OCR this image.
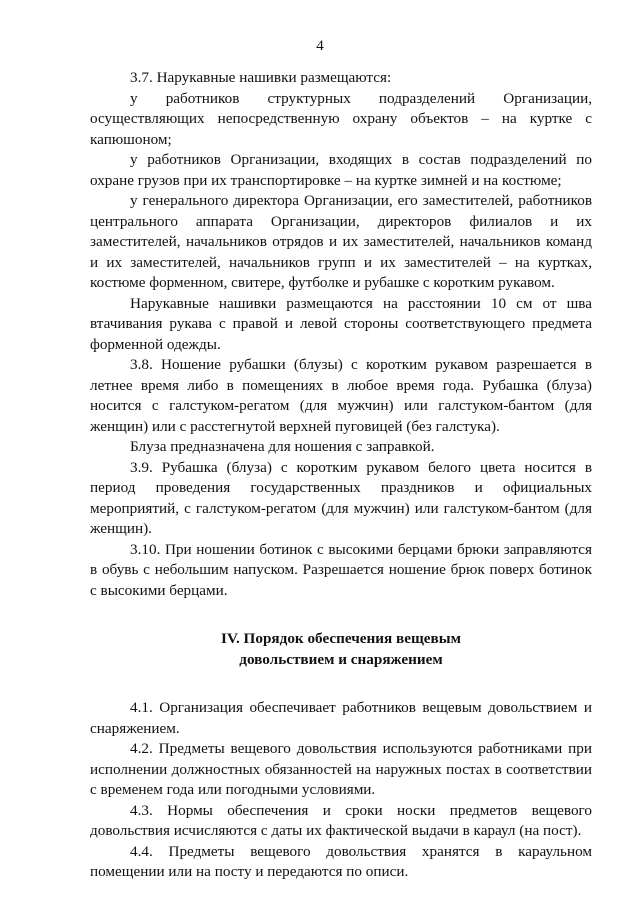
4

3.7. Нарукавные нашивки размещаются:

у работников структурных подразделений Организации, осуществляющих непосредственную охрану объектов – на куртке с капюшоном;

у работников Организации, входящих в состав подразделений по охране грузов при их транспортировке – на куртке зимней и на костюме;

у генерального директора Организации, его заместителей, работников центрального аппарата Организации, директоров филиалов и их заместителей, начальников отрядов и их заместителей, начальников команд и их заместителей, начальников групп и их заместителей – на куртках, костюме форменном, свитере, футболке и рубашке с коротким рукавом.

Нарукавные нашивки размещаются на расстоянии 10 см от шва втачивания рукава с правой и левой стороны соответствующего предмета форменной одежды.

3.8. Ношение рубашки (блузы) с коротким рукавом разрешается в летнее время либо в помещениях в любое время года. Рубашка (блуза) носится с галстуком-регатом (для мужчин) или галстуком-бантом (для женщин) или с расстегнутой верхней пуговицей (без галстука).

Блуза предназначена для ношения с заправкой.

3.9. Рубашка (блуза) с коротким рукавом белого цвета носится в период проведения государственных праздников и официальных мероприятий, с галстуком-регатом (для мужчин) или галстуком-бантом (для женщин).

3.10. При ношении ботинок с высокими берцами брюки заправляются в обувь с небольшим напуском. Разрешается ношение брюк поверх ботинок с высокими берцами.

IV. Порядок обеспечения вещевым
довольствием и снаряжением

4.1. Организация обеспечивает работников вещевым довольствием и снаряжением.

4.2. Предметы вещевого довольствия используются работниками при исполнении должностных обязанностей на наружных постах в соответствии с временем года или погодными условиями.

4.3. Нормы обеспечения и сроки носки предметов вещевого довольствия исчисляются с даты их фактической выдачи в караул (на пост).

4.4. Предметы вещевого довольствия хранятся в караульном помещении или на посту и передаются по описи.
